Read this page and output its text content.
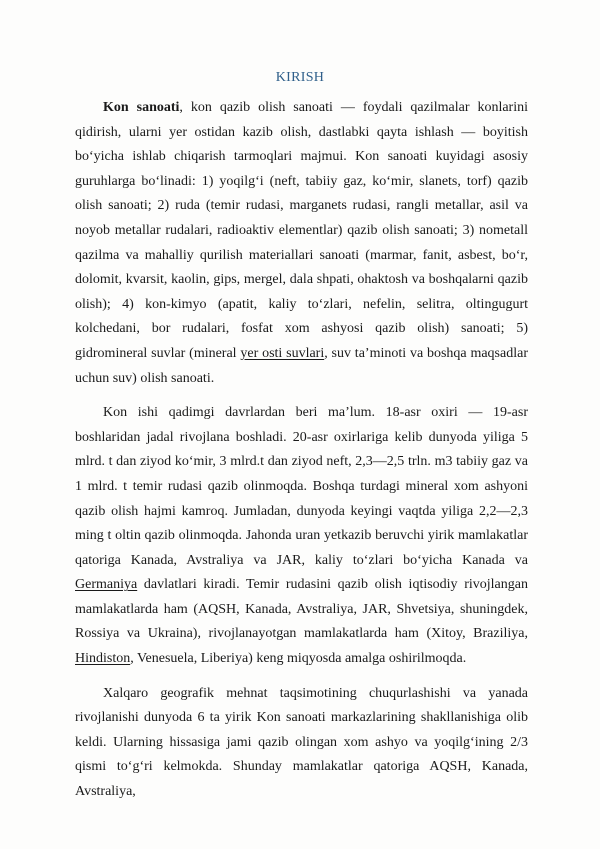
KIRISH

Kon sanoati, kon qazib olish sanoati — foydali qazilmalar konlarini qidirish, ularni yer ostidan kazib olish, dastlabki qayta ishlash — boyitish bo‘yicha ishlab chiqarish tarmoqlari majmui. Kon sanoati kuyidagi asosiy guruhlarga bo‘linadi: 1) yoqilg‘i (neft, tabiiy gaz, ko‘mir, slanets, torf) qazib olish sanoati; 2) ruda (temir rudasi, marganets rudasi, rangli metallar, asil va noyob metallar rudalari, radioaktiv elementlar) qazib olish sanoati; 3) nometall qazilma va mahalliy qurilish materiallari sanoati (marmar, fanit, asbest, bo‘r, dolomit, kvarsit, kaolin, gips, mergel, dala shpati, ohaktosh va boshqalarni qazib olish); 4) kon-kimyo (apatit, kaliy to‘zlari, nefelin, selitra, oltingugurt kolchedani, bor rudalari, fosfat xom ashyosi qazib olish) sanoati; 5) gidromineral suvlar (mineral yer osti suvlari, suv ta’minoti va boshqa maqsadlar uchun suv) olish sanoati.

Kon ishi qadimgi davrlardan beri ma’lum. 18-asr oxiri — 19-asr boshlaridan jadal rivojlana boshladi. 20-asr oxirlariga kelib dunyoda yiliga 5 mlrd. t dan ziyod ko‘mir, 3 mlrd.t dan ziyod neft, 2,3—2,5 trln. m3 tabiiy gaz va 1 mlrd. t temir rudasi qazib olinmoqda. Boshqa turdagi mineral xom ashyoni qazib olish hajmi kamroq. Jumladan, dunyoda keyingi vaqtda yiliga 2,2—2,3 ming t oltin qazib olinmoqda. Jahonda uran yetkazib beruvchi yirik mamlakatlar qatoriga Kanada, Avstraliya va JAR, kaliy to‘zlari bo‘yicha Kanada va Germaniya davlatlari kiradi. Temir rudasini qazib olish iqtisodiy rivojlangan mamlakatlarda ham (AQSH, Kanada, Avstraliya, JAR, Shvetsiya, shuningdek, Rossiya va Ukraina), rivojlanayotgan mamlakatlarda ham (Xitoy, Braziliya, Hindiston, Venesuela, Liberiya) keng miqyosda amalga oshirilmoqda.

Xalqaro geografik mehnat taqsimotining chuqurlashishi va yanada rivojlanishi dunyoda 6 ta yirik Kon sanoati markazlarining shakllanishiga olib keldi. Ularning hissasiga jami qazib olingan xom ashyo va yoqilg‘ining 2/3 qismi to‘g‘ri kelmokda. Shunday mamlakatlar qatoriga AQSH, Kanada, Avstraliya,
